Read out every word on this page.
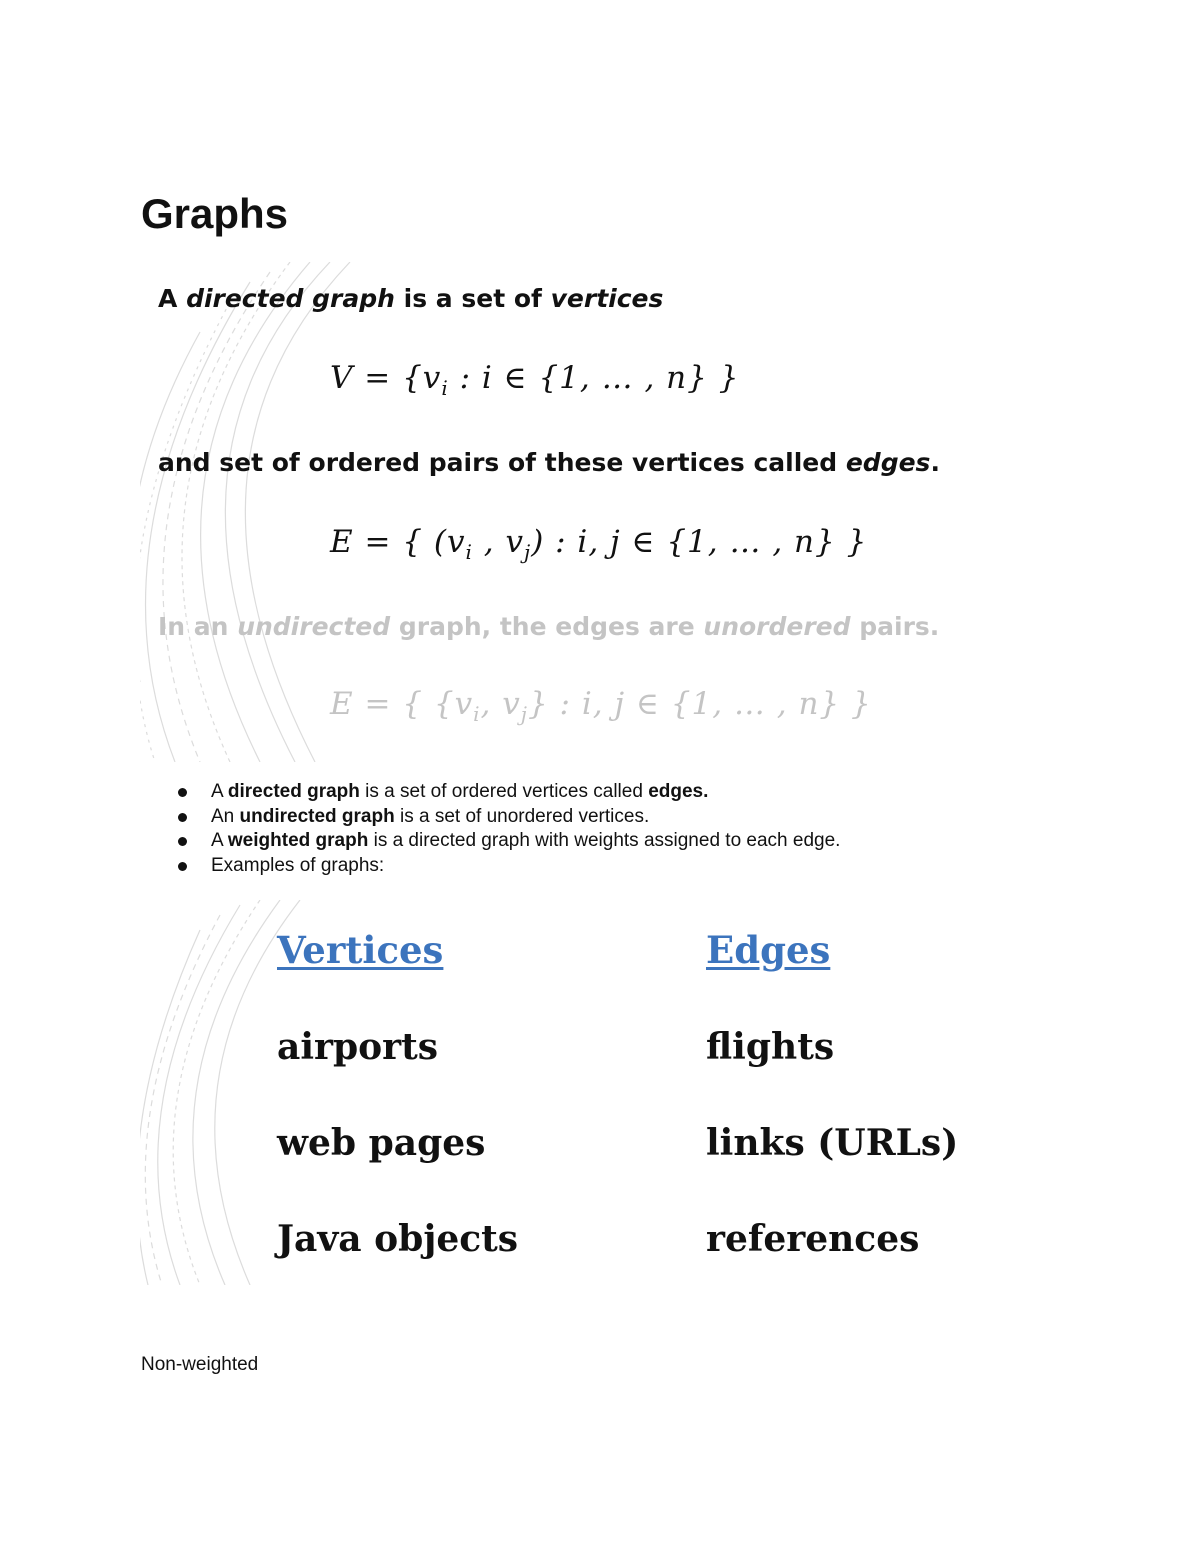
Graphs
A directed graph is a set of vertices
$V = \{v_i$ : i ∈ {1, … , n} }
and set of ordered pairs of these vertices called edges.
E = { ($v_i$ , $v_j$) : i, j ∈ {1, … , n} }
In an undirected graph, the edges are unordered pairs.
E = { {$v_i$, $v_j$} : i, j ∈ {1, … , n} }
A directed graph is a set of ordered vertices called edges.
An undirected graph is a set of unordered vertices.
A weighted graph is a directed graph with weights assigned to each edge.
Examples of graphs:
Vertices	Edges
airports	flights
web pages	links (URLs)
Java objects	references
Non-weighted
